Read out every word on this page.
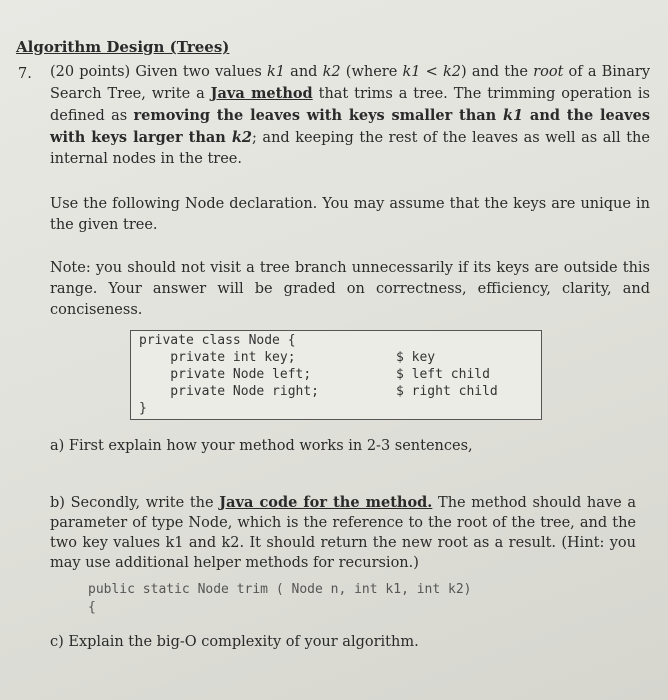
Algorithm Design (Trees)
7. (20 points) Given two values k1 and k2 (where k1 < k2) and the root of a Binary Search Tree, write a Java method that trims a tree. The trimming operation is defined as removing the leaves with keys smaller than k1 and the leaves with keys larger than k2; and keeping the rest of the leaves as well as all the internal nodes in the tree.

Use the following Node declaration. You may assume that the keys are unique in the given tree.

Note: you should not visit a tree branch unnecessarily if its keys are outside this range. Your answer will be graded on correctness, efficiency, clarity, and conciseness.

private class Node {
private int key;	$ key
private Node left;	$ left child
private Node right;	$ right child
}
a) First explain how your method works in 2-3 sentences,

b) Secondly, write the Java code for the method. The method should have a parameter of type Node, which is the reference to the root of the tree, and the two key values k1 and k2. It should return the new root as a result. (Hint: you may use additional helper methods for recursion.)

public static Node trim ( Node n, int k1, int k2)
{
c) Explain the big-O complexity of your algorithm.
